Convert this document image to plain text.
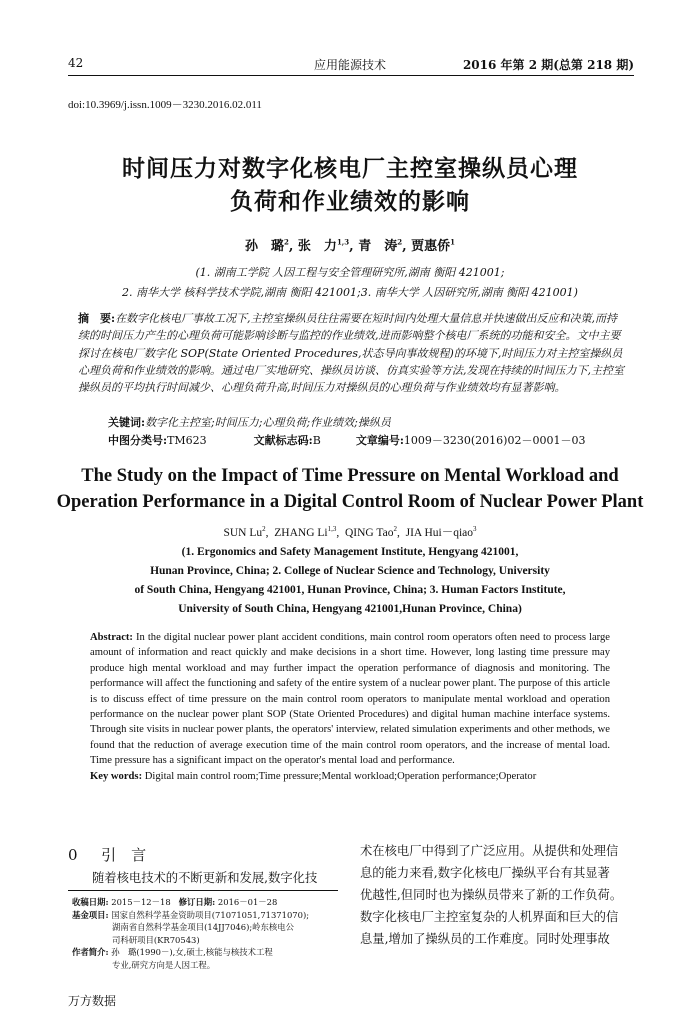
42	应用能源技术	2016 年第 2 期(总第 218 期)
doi:10.3969/j.issn.1009－3230.2016.02.011
时间压力对数字化核电厂主控室操纵员心理
负荷和作业绩效的影响
孙　璐$^2$, 张　力$^{1,3}$, 青　涛$^2$, 贾惠侨$^1$
(1. 湖南工学院 人因工程与安全管理研究所,湖南 衡阳 421001;
2. 南华大学 核科学技术学院,湖南 衡阳 421001;3. 南华大学 人因研究所,湖南 衡阳 421001)
摘　要:在数字化核电厂事故工况下,主控室操纵员往往需要在短时间内处理大量信息并快速做出反应和决策,而持续的时间压力产生的心理负荷可能影响诊断与监控的作业绩效,进而影响整个核电厂系统的功能和安全。文中主要探讨在核电厂数字化 SOP(State Oriented Procedures,状态导向事故规程)的环境下,时间压力对主控室操纵员心理负荷和作业绩效的影响。通过电厂实地研究、操纵员访谈、仿真实验等方法,发现在持续的时间压力下,主控室操纵员的平均执行时间减少、心理负荷升高,时间压力对操纵员的心理负荷与作业绩效均有显著影响。
关键词:数字化主控室;时间压力;心理负荷;作业绩效;操纵员
中图分类号:TM623	文献标志码:B	文章编号:1009－3230(2016)02－0001－03
The Study on the Impact of Time Pressure on Mental Workload and
Operation Performance in a Digital Control Room of Nuclear Power Plant
SUN Lu$^2$,  ZHANG Li$^{1,3}$,  QING Tao$^2$,  JIA Hui－qiao$^3$
(1. Ergonomics and Safety Management Institute, Hengyang 421001,
Hunan Province, China; 2. College of Nuclear Science and Technology, University
of South China, Hengyang 421001, Hunan Province, China; 3. Human Factors Institute,
University of South China, Hengyang 421001,Hunan Province, China)
Abstract: In the digital nuclear power plant accident conditions, main control room operators often need to process large amount of information and react quickly and make decisions in a short time. However, long lasting time pressure may produce high mental workload and may further impact the operation performance of diagnosis and monitoring. The performance will affect the functioning and safety of the entire system of a nuclear power plant. The purpose of this article is to discuss effect of time pressure on the main control room operators to manipulate mental workload and operation performance on the nuclear power plant SOP (State Oriented Procedures) and digital human machine interface systems. Through site visits in nuclear power plants, the operators' interview, related simulation experiments and other methods, we found that the reduction of average execution time of the main control room operators, and the increase of mental load. Time pressure has a significant impact on the operator's mental load and performance.
Key words: Digital main control room;Time pressure;Mental workload;Operation performance;Operator
0 引　言
随着核电技术的不断更新和发展,数字化技
收稿日期: 2015－12－18 修订日期: 2016－01－28
基金项目: 国家自然科学基金资助项目(71071051,71371070);
湖南省自然科学基金项目(14JJ7046);岭东核电公
司科研项目(KR70543)
作者简介: 孙　璐(1990－),女,硕士,核能与核技术工程
专业,研究方向是人因工程。
术在核电厂中得到了广泛应用。从提供和处理信
息的能力来看,数字化核电厂操纵平台有其显著
优越性,但同时也为操纵员带来了新的工作负荷。
数字化核电厂主控室复杂的人机界面和巨大的信
息量,增加了操纵员的工作难度。同时处理事故
万方数据
